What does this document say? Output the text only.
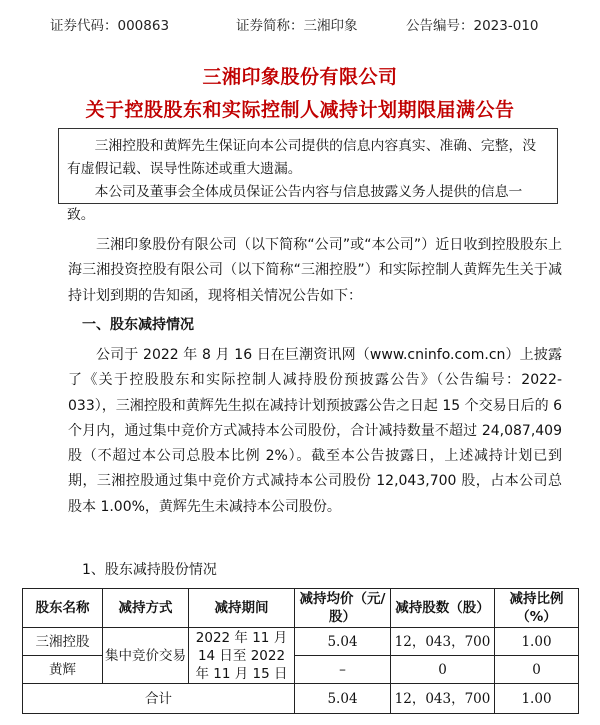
证券代码：000863	证券简称：三湘印象	公告编号：2023-010
三湘印象股份有限公司
关于控股股东和实际控制人减持计划期限届满公告

三湘控股和黄辉先生保证向本公司提供的信息内容真实、准确、完整，没有虚假记载、误导性陈述或重大遗漏。

本公司及董事会全体成员保证公告内容与信息披露义务人提供的信息一致。

三湘印象股份有限公司（以下简称“公司”或“本公司”）近日收到控股股东上海三湘投资控股有限公司（以下简称“三湘控股”）和实际控制人黄辉先生关于减持计划到期的告知函，现将相关情况公告如下：

一、股东减持情况

公司于 2022 年 8 月 16 日在巨潮资讯网（www.cninfo.com.cn）上披露了《关于控股股东和实际控制人减持股份预披露公告》（公告编号：2022-033），三湘控股和黄辉先生拟在减持计划预披露公告之日起 15 个交易日后的 6 个月内，通过集中竞价方式减持本公司股份，合计减持数量不超过 24,087,409 股（不超过本公司总股本比例 2%）。截至本公告披露日，上述减持计划已到期，三湘控股通过集中竞价方式减持本公司股份 12,043,700 股，占本公司总股本 1.00%，黄辉先生未减持本公司股份。

1、股东减持股份情况
股东名称	减持方式	减持期间	减持均价（元/股）	减持股数（股）	减持比例（%）
三湘控股	集中竞价交易	2022 年 11 月 14 日至 2022 年 11 月 15 日	5.04	12，043，700	1.00
黄辉			–	0	0
合计			5.04	12，043，700	1.00
